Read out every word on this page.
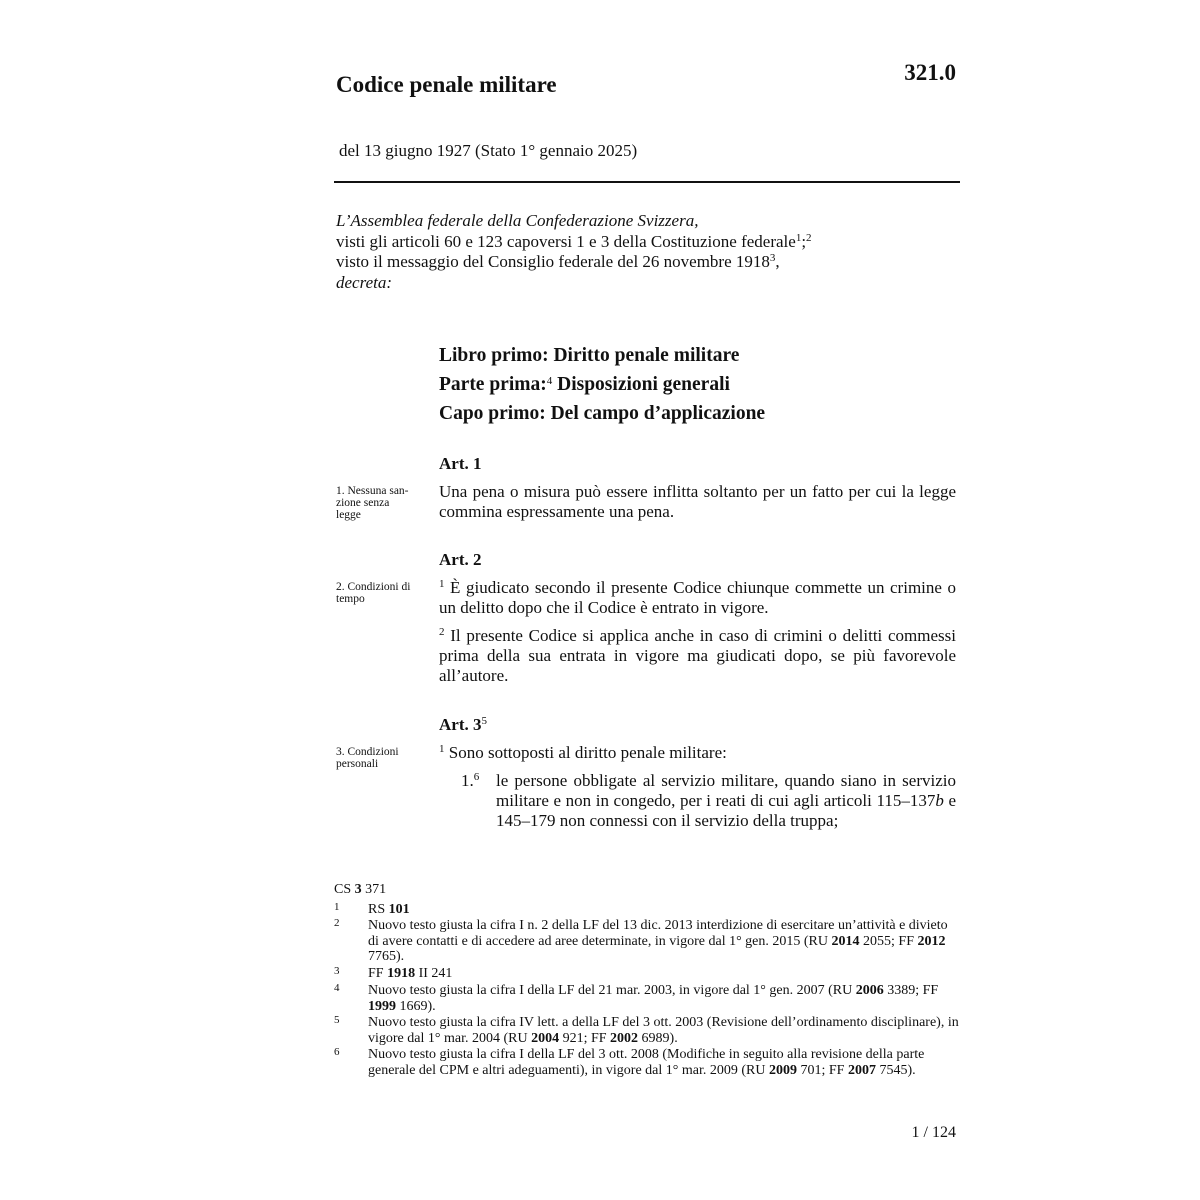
Codice penale militare	321.0
del 13 giugno 1927 (Stato 1° gennaio 2025)
L’Assemblea federale della Confederazione Svizzera,
visti gli articoli 60 e 123 capoversi 1 e 3 della Costituzione federale$^1$;$^2$
visto il messaggio del Consiglio federale del 26 novembre 1918$^3$,
decreta:
Libro primo: Diritto penale militare
Parte prima:$^4$ Disposizioni generali
Capo primo: Del campo d’applicazione
Art. 1
1. Nessuna san-
zione senza
legge
Una pena o misura può essere inflitta soltanto per un fatto per cui la legge commina espressamente una pena.
Art. 2
2. Condizioni di
tempo
$^1$ È giudicato secondo il presente Codice chiunque commette un crimine o un delitto dopo che il Codice è entrato in vigore.
$^2$ Il presente Codice si applica anche in caso di crimini o delitti commessi prima della sua entrata in vigore ma giudicati dopo, se più favorevole all’autore.
Art. $3^5$
3. Condizioni
personali
$^1$ Sono sottoposti al diritto penale militare:
1.$^6$ le persone obbligate al servizio militare, quando siano in servizio militare e non in congedo, per i reati di cui agli articoli 115–137b e 145–179 non connessi con il servizio della truppa;
CS 3 371
1 RS 101
2 Nuovo testo giusta la cifra I n. 2 della LF del 13 dic. 2013 interdizione di esercitare un’attività e divieto di avere contatti e di accedere ad aree determinate, in vigore dal 1° gen. 2015 (RU 2014 2055; FF 2012 7765).
3 FF 1918 II 241
4 Nuovo testo giusta la cifra I della LF del 21 mar. 2003, in vigore dal 1° gen. 2007 (RU 2006 3389; FF 1999 1669).
5 Nuovo testo giusta la cifra IV lett. a della LF del 3 ott. 2003 (Revisione dell’ordinamento disciplinare), in vigore dal 1° mar. 2004 (RU 2004 921; FF 2002 6989).
6 Nuovo testo giusta la cifra I della LF del 3 ott. 2008 (Modifiche in seguito alla revisione della parte generale del CPM e altri adeguamenti), in vigore dal 1° mar. 2009 (RU 2009 701; FF 2007 7545).
1 / 124
